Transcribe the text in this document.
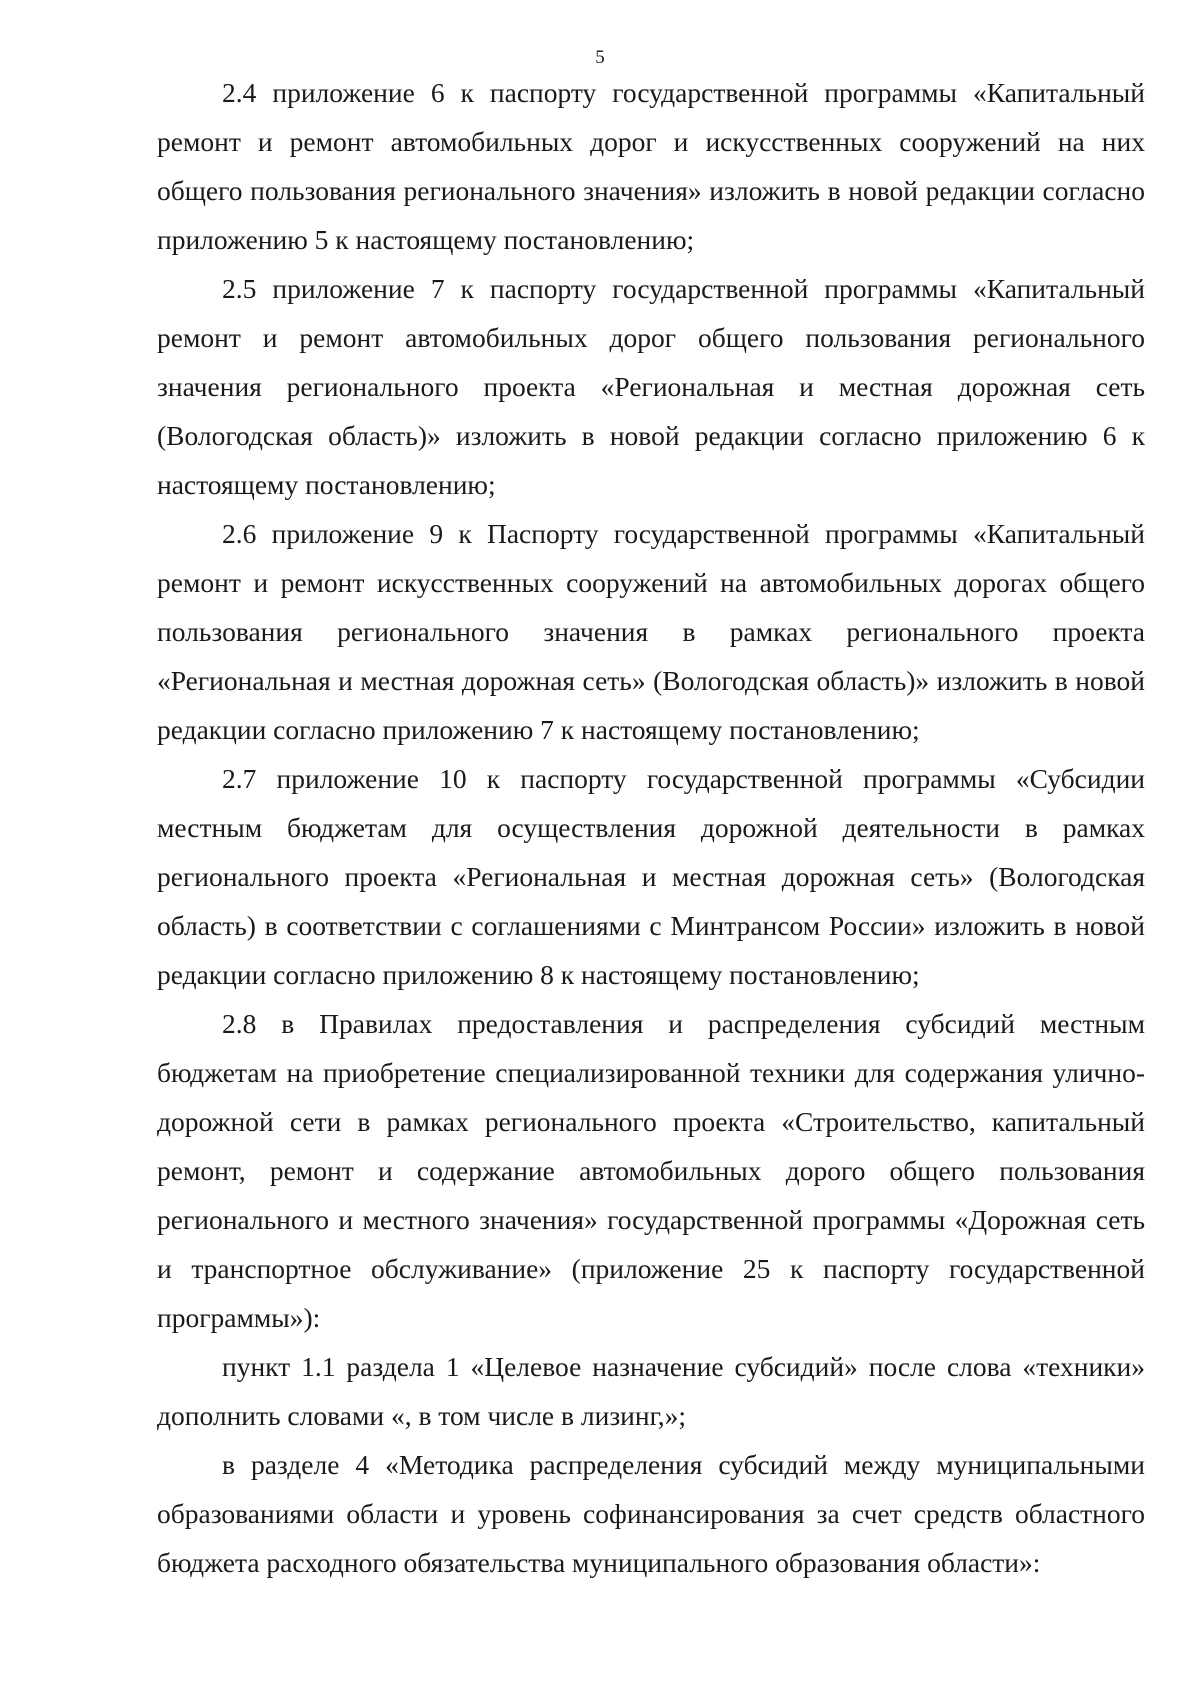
5

2.4 приложение 6 к паспорту государственной программы «Капитальный ремонт и ремонт автомобильных дорог и искусственных сооружений на них общего пользования регионального значения» изложить в новой редакции согласно приложению 5 к настоящему постановлению;

2.5 приложение 7 к паспорту государственной программы «Капитальный ремонт и ремонт автомобильных дорог общего пользования регионального значения регионального проекта «Региональная и местная дорожная сеть (Вологодская область)» изложить в новой редакции согласно приложению 6 к настоящему постановлению;

2.6 приложение 9 к Паспорту государственной программы «Капитальный ремонт и ремонт искусственных сооружений на автомобильных дорогах общего пользования регионального значения в рамках регионального проекта «Региональная и местная дорожная сеть» (Вологодская область)» изложить в новой редакции согласно приложению 7 к настоящему постановлению;

2.7 приложение 10 к паспорту государственной программы «Субсидии местным бюджетам для осуществления дорожной деятельности в рамках регионального проекта «Региональная и местная дорожная сеть» (Вологодская область) в соответствии с соглашениями с Минтрансом России» изложить в новой редакции согласно приложению 8 к настоящему постановлению;

2.8 в Правилах предоставления и распределения субсидий местным бюджетам на приобретение специализированной техники для содержания улично-дорожной сети в рамках регионального проекта «Строительство, капитальный ремонт, ремонт и содержание автомобильных дорого общего пользования регионального и местного значения» государственной программы «Дорожная сеть и транспортное обслуживание» (приложение 25 к паспорту государственной программы»):

пункт 1.1 раздела 1 «Целевое назначение субсидий» после слова «техники» дополнить словами «, в том числе в лизинг,»;

в разделе 4 «Методика распределения субсидий между муниципальными образованиями области и уровень софинансирования за счет средств областного бюджета расходного обязательства муниципального образования области»:
